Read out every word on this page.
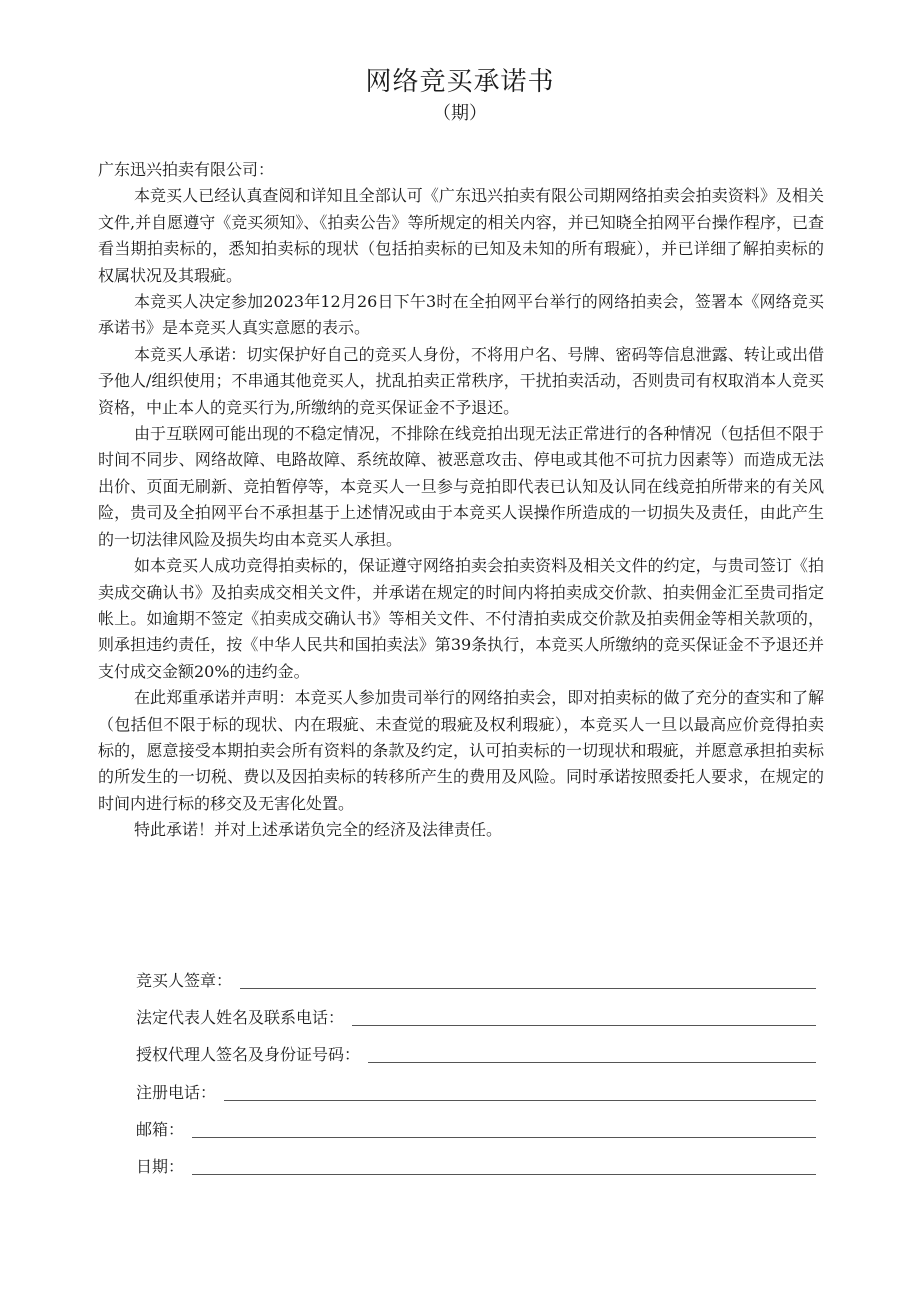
网络竞买承诺书
（期）

广东迅兴拍卖有限公司：

本竞买人已经认真查阅和详知且全部认可《广东迅兴拍卖有限公司期网络拍卖会拍卖资料》及相关文件,并自愿遵守《竞买须知》、《拍卖公告》等所规定的相关内容，并已知晓全拍网平台操作程序，已查看当期拍卖标的，悉知拍卖标的现状（包括拍卖标的已知及未知的所有瑕疵），并已详细了解拍卖标的权属状况及其瑕疵。

本竞买人决定参加2023年12月26日下午3时在全拍网平台举行的网络拍卖会，签署本《网络竞买承诺书》是本竞买人真实意愿的表示。

本竞买人承诺：切实保护好自己的竞买人身份，不将用户名、号牌、密码等信息泄露、转让或出借予他人/组织使用；不串通其他竞买人，扰乱拍卖正常秩序，干扰拍卖活动，否则贵司有权取消本人竞买资格，中止本人的竞买行为,所缴纳的竞买保证金不予退还。

由于互联网可能出现的不稳定情况，不排除在线竞拍出现无法正常进行的各种情况（包括但不限于时间不同步、网络故障、电路故障、系统故障、被恶意攻击、停电或其他不可抗力因素等）而造成无法出价、页面无刷新、竞拍暂停等，本竞买人一旦参与竞拍即代表已认知及认同在线竞拍所带来的有关风险，贵司及全拍网平台不承担基于上述情况或由于本竞买人误操作所造成的一切损失及责任，由此产生的一切法律风险及损失均由本竞买人承担。

如本竞买人成功竞得拍卖标的，保证遵守网络拍卖会拍卖资料及相关文件的约定，与贵司签订《拍卖成交确认书》及拍卖成交相关文件，并承诺在规定的时间内将拍卖成交价款、拍卖佣金汇至贵司指定帐上。如逾期不签定《拍卖成交确认书》等相关文件、不付清拍卖成交价款及拍卖佣金等相关款项的，则承担违约责任，按《中华人民共和国拍卖法》第39条执行，本竞买人所缴纳的竞买保证金不予退还并支付成交金额20%的违约金。

在此郑重承诺并声明：本竞买人参加贵司举行的网络拍卖会，即对拍卖标的做了充分的查实和了解（包括但不限于标的现状、内在瑕疵、未查觉的瑕疵及权利瑕疵），本竞买人一旦以最高应价竞得拍卖标的，愿意接受本期拍卖会所有资料的条款及约定，认可拍卖标的一切现状和瑕疵，并愿意承担拍卖标的所发生的一切税、费以及因拍卖标的转移所产生的费用及风险。同时承诺按照委托人要求，在规定的时间内进行标的移交及无害化处置。

特此承诺！并对上述承诺负完全的经济及法律责任。

竞买人签章：
法定代表人姓名及联系电话：
授权代理人签名及身份证号码：
注册电话：
邮箱：
日期：
